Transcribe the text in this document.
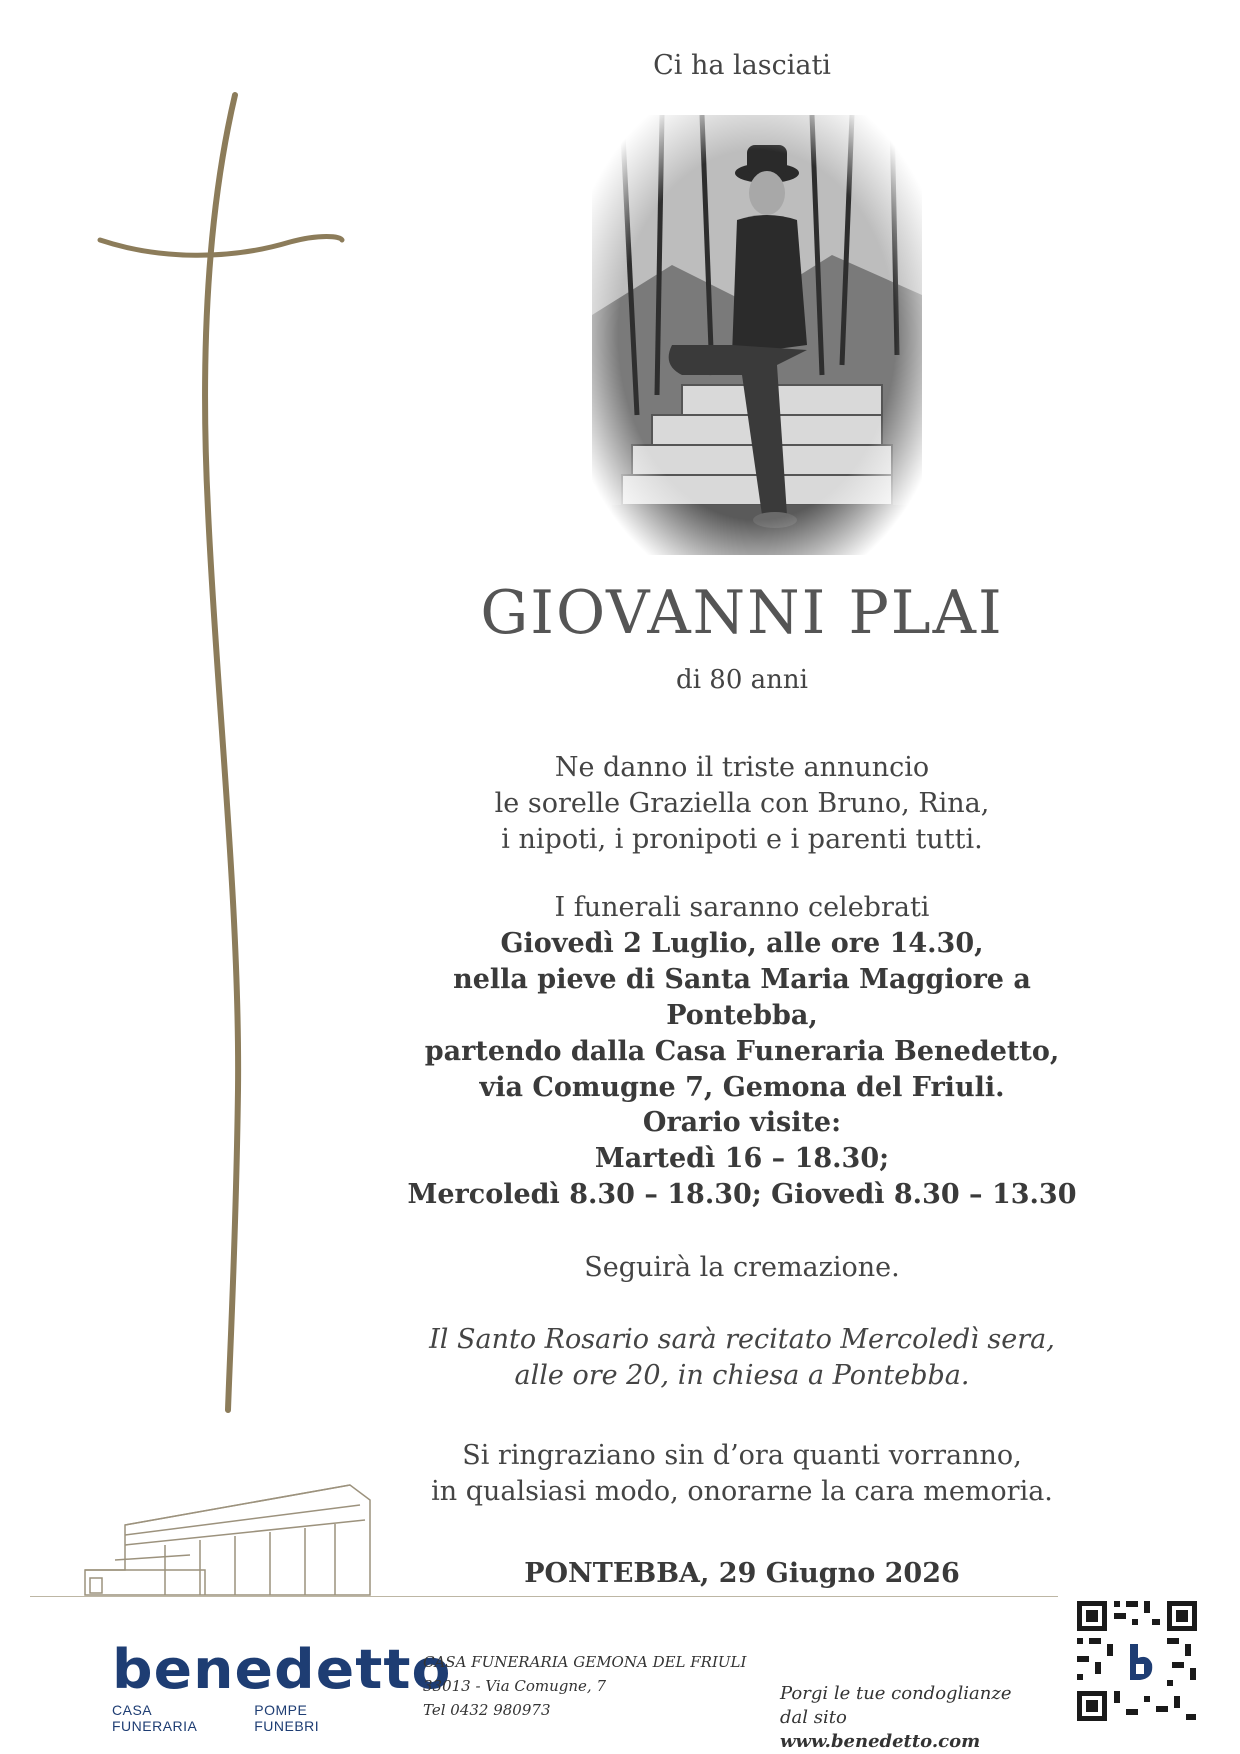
Ci ha lasciati
GIOVANNI PLAI
di 80 anni
Ne danno il triste annuncio
le sorelle Graziella con Bruno, Rina,
i nipoti, i pronipoti e i parenti tutti.
I funerali saranno celebrati
Giovedì 2 Luglio, alle ore 14.30,
nella pieve di Santa Maria Maggiore a Pontebba,
partendo dalla Casa Funeraria Benedetto,
via Comugne 7, Gemona del Friuli.
Orario visite:
Martedì 16 – 18.30;
Mercoledì 8.30 – 18.30; Giovedì 8.30 – 13.30
Seguirà la cremazione.
Il Santo Rosario sarà recitato Mercoledì sera,
alle ore 20, in chiesa a Pontebba.
Si ringraziano sin d’ora quanti vorranno,
in qualsiasi modo, onorarne la cara memoria.
PONTEBBA, 29 Giugno 2026
benedetto
CASA FUNERARIA
POMPE FUNEBRI
CASA FUNERARIA GEMONA DEL FRIULI
33013 - Via Comugne, 7
Tel 0432 980973
Porgi le tue condoglianze
dal sito www.benedetto.com
